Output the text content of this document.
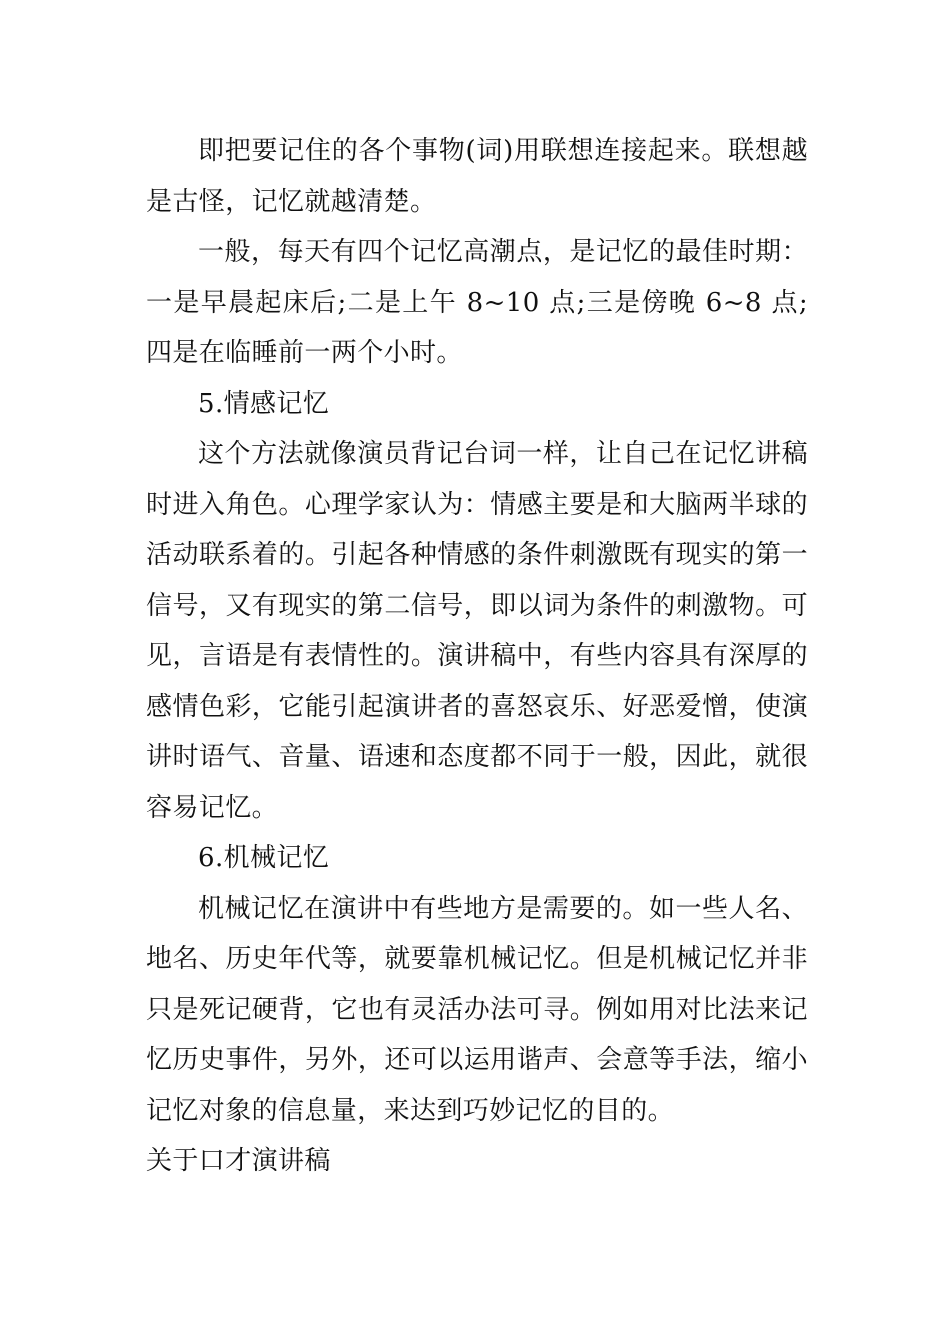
即把要记住的各个事物(词)用联想连接起来。联想越是古怪，记忆就越清楚。

一般，每天有四个记忆高潮点，是记忆的最佳时期：一是早晨起床后;二是上午 8~10 点;三是傍晚 6~8 点;四是在临睡前一两个小时。

5.情感记忆

这个方法就像演员背记台词一样，让自己在记忆讲稿时进入角色。心理学家认为：情感主要是和大脑两半球的活动联系着的。引起各种情感的条件刺激既有现实的第一信号，又有现实的第二信号，即以词为条件的刺激物。可见，言语是有表情性的。演讲稿中，有些内容具有深厚的感情色彩，它能引起演讲者的喜怒哀乐、好恶爱憎，使演讲时语气、音量、语速和态度都不同于一般，因此，就很容易记忆。

6.机械记忆

机械记忆在演讲中有些地方是需要的。如一些人名、地名、历史年代等，就要靠机械记忆。但是机械记忆并非只是死记硬背，它也有灵活办法可寻。例如用对比法来记忆历史事件，另外，还可以运用谐声、会意等手法，缩小记忆对象的信息量，来达到巧妙记忆的目的。

关于口才演讲稿
